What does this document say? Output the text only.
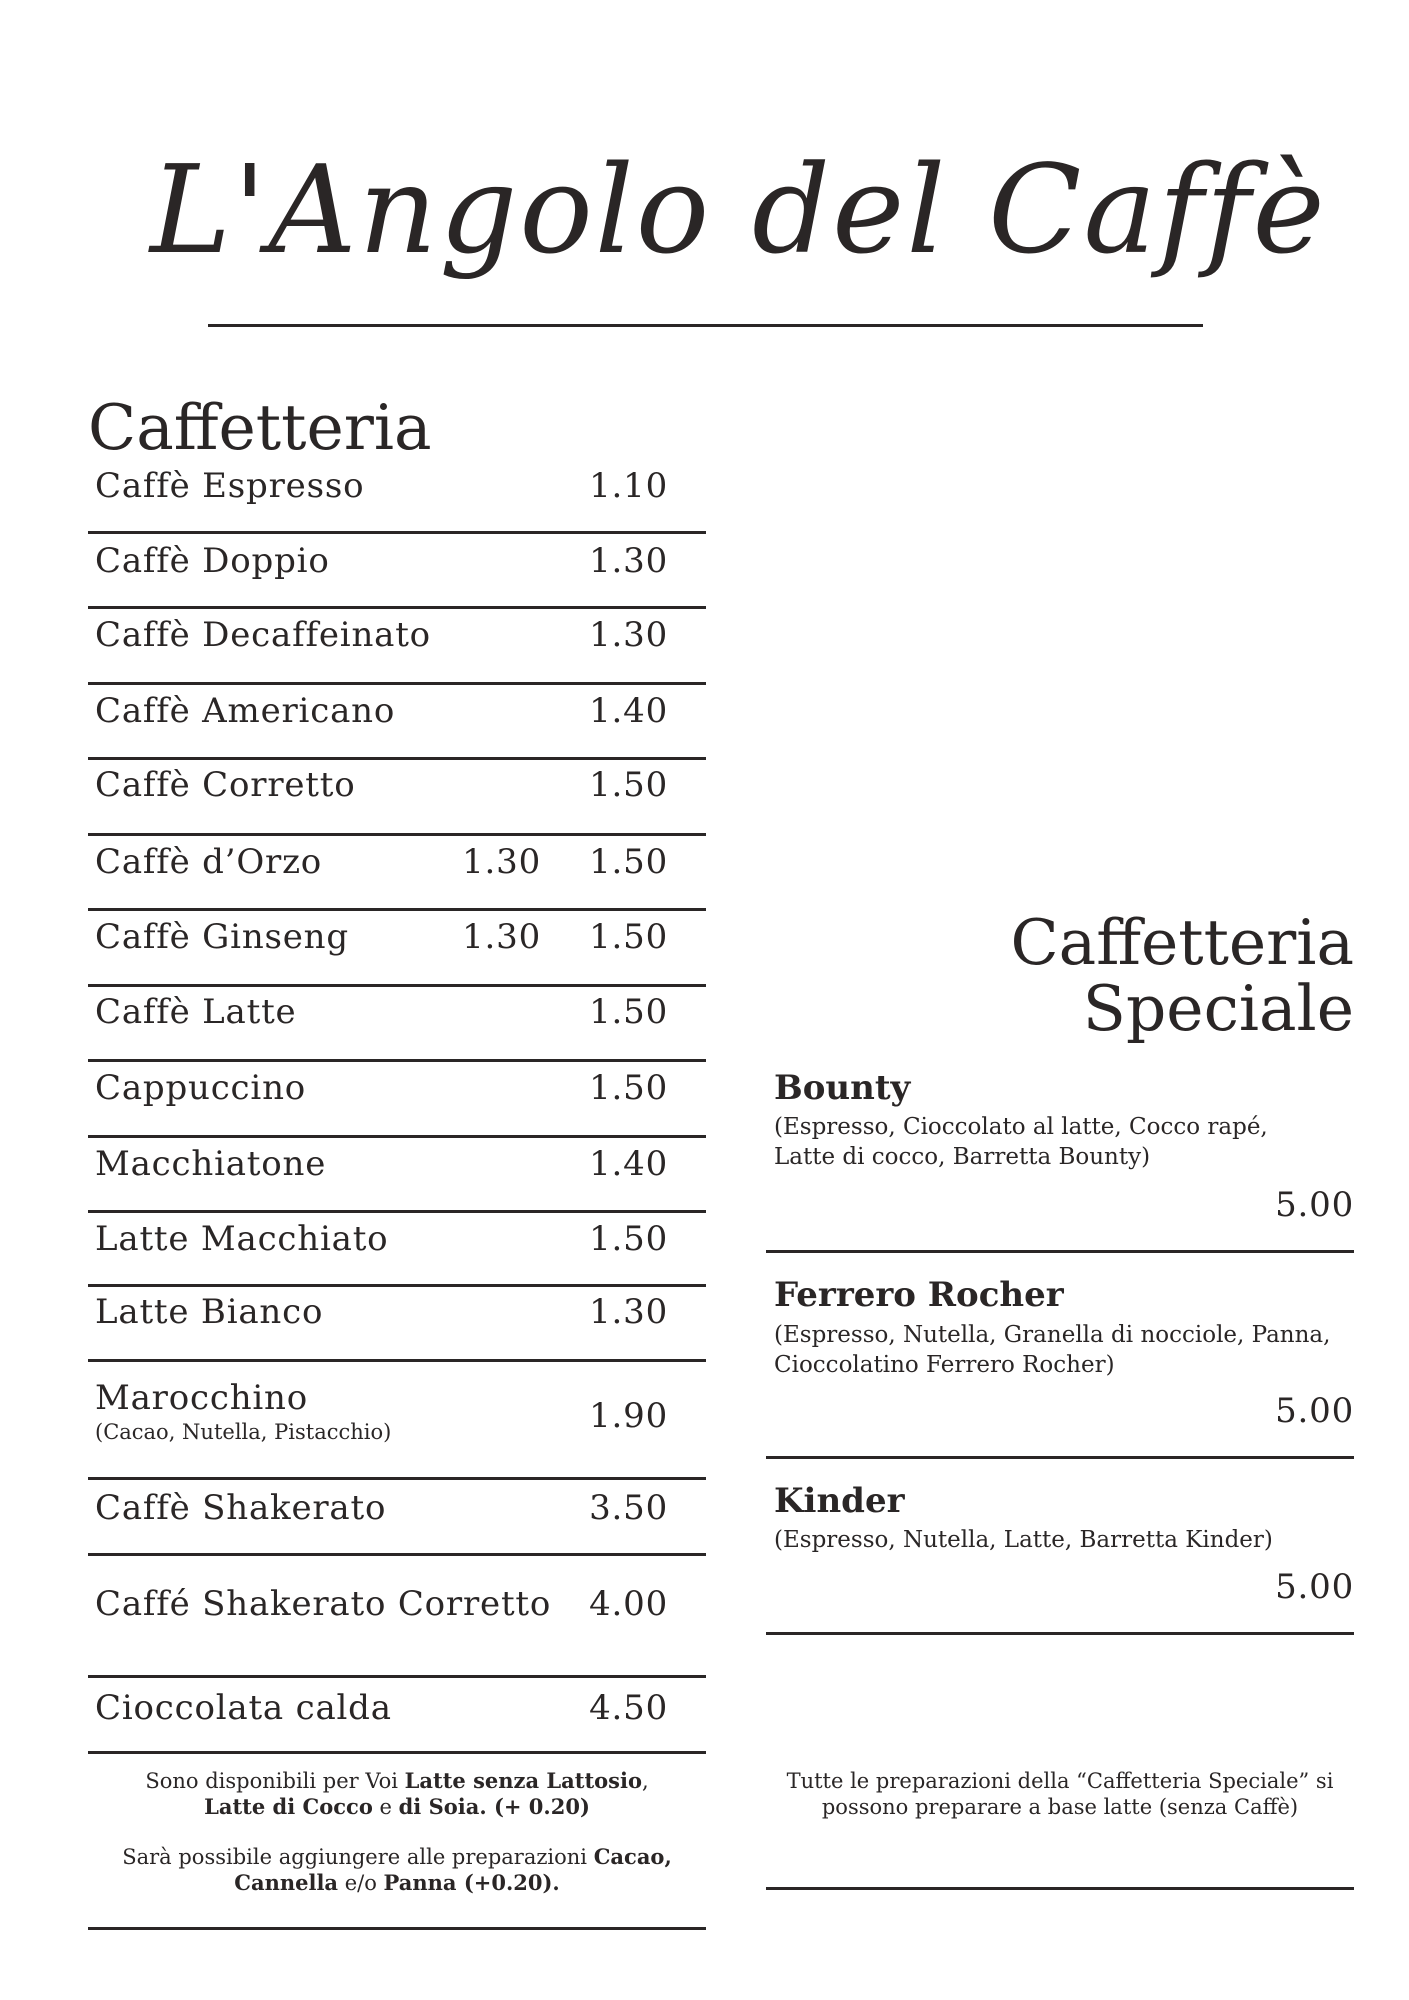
L'Angolo del Caffè
Caffetteria
Caffè Espresso	1.10
Caffè Doppio	1.30
Caffè Decaffeinato	1.30
Caffè Americano	1.40
Caffè Corretto	1.50
Caffè d’Orzo	1.30 1.50
Caffè Ginseng	1.30 1.50
Caffè Latte	1.50
Cappuccino	1.50
Macchiatone	1.40
Latte Macchiato	1.50
Latte Bianco	1.30
Marocchino
(Cacao, Nutella, Pistacchio)	1.90
Caffè Shakerato	3.50
Caffé Shakerato Corretto 4.00
Cioccolata calda	4.50

Sono disponibili per Voi Latte senza Lattosio, Latte di Cocco e di Soia. (+ 0.20)

Sarà possibile aggiungere alle preparazioni Cacao, Cannella e/o Panna (+0.20).

Caffetteria
Speciale
Bounty
(Espresso, Cioccolato al latte, Cocco rapé, Latte di cocco, Barretta Bounty)
5.00
Ferrero Rocher
(Espresso, Nutella, Granella di nocciole, Panna, Cioccolatino Ferrero Rocher)
5.00
Kinder
(Espresso, Nutella, Latte, Barretta Kinder)
5.00

Tutte le preparazioni della “Caffetteria Speciale” si possono preparare a base latte (senza Caffè)
